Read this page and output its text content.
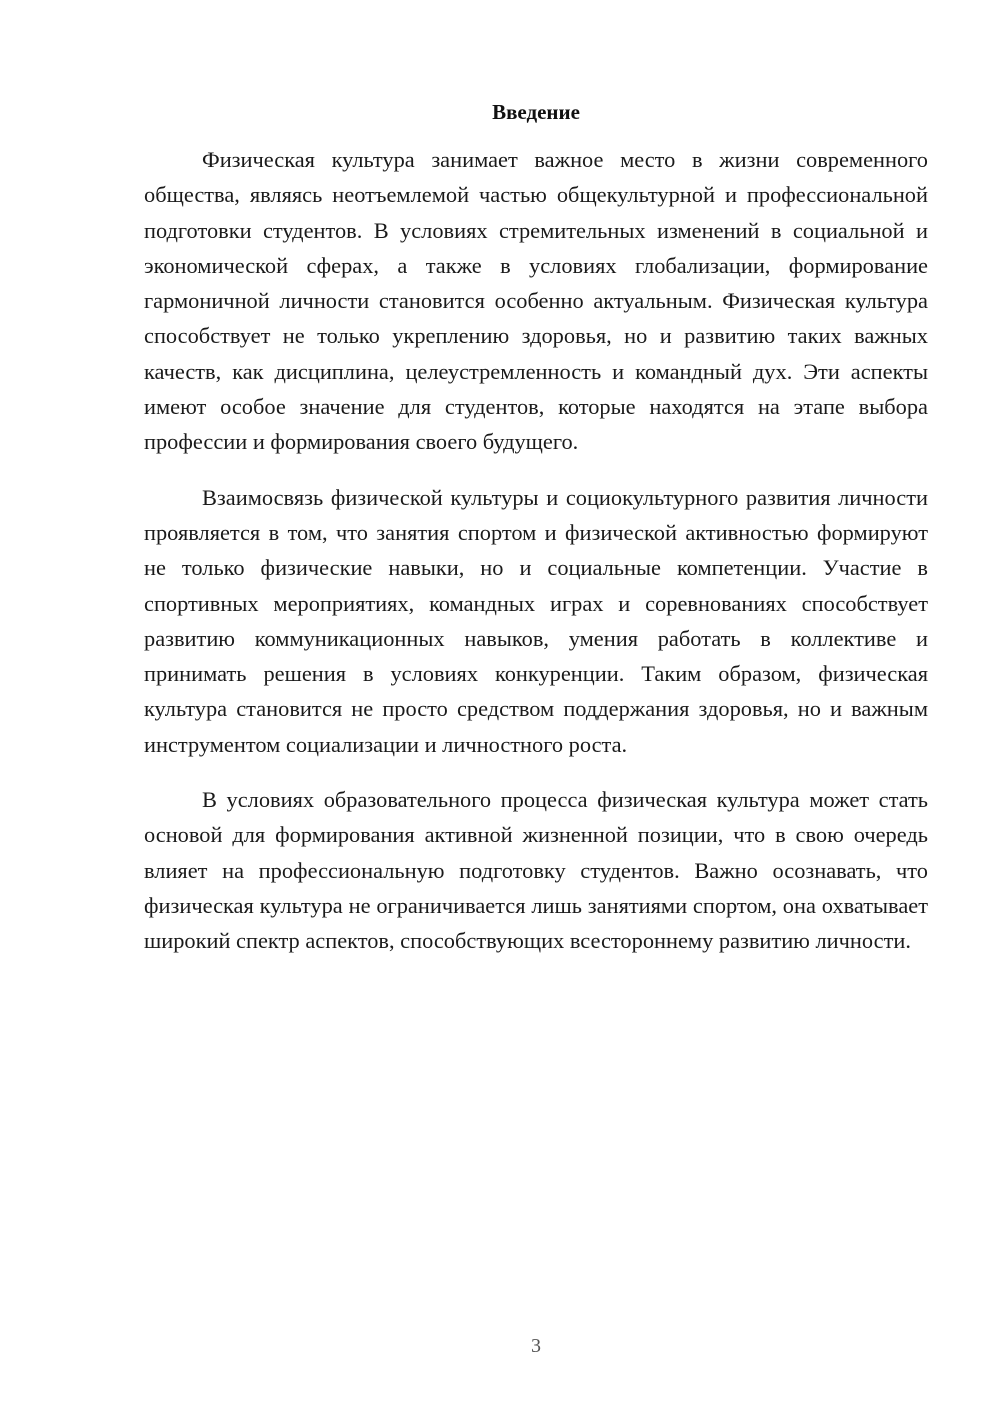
Введение

Физическая культура занимает важное место в жизни современного общества, являясь неотъемлемой частью общекультурной и профессиональной подготовки студентов. В условиях стремительных изменений в социальной и экономической сферах, а также в условиях глобализации, формирование гармоничной личности становится особенно актуальным. Физическая культура способствует не только укреплению здоровья, но и развитию таких важных качеств, как дисциплина, целеустремленность и командный дух. Эти аспекты имеют особое значение для студентов, которые находятся на этапе выбора профессии и формирования своего будущего.

Взаимосвязь физической культуры и социокультурного развития личности проявляется в том, что занятия спортом и физической активностью формируют не только физические навыки, но и социальные компетенции. Участие в спортивных мероприятиях, командных играх и соревнованиях способствует развитию коммуникационных навыков, умения работать в коллективе и принимать решения в условиях конкуренции. Таким образом, физическая культура становится не просто средством поддержания здоровья, но и важным инструментом социализации и личностного роста.

В условиях образовательного процесса физическая культура может стать основой для формирования активной жизненной позиции, что в свою очередь влияет на профессиональную подготовку студентов. Важно осознавать, что физическая культура не ограничивается лишь занятиями спортом, она охватывает широкий спектр аспектов, способствующих всестороннему развитию личности.

3
